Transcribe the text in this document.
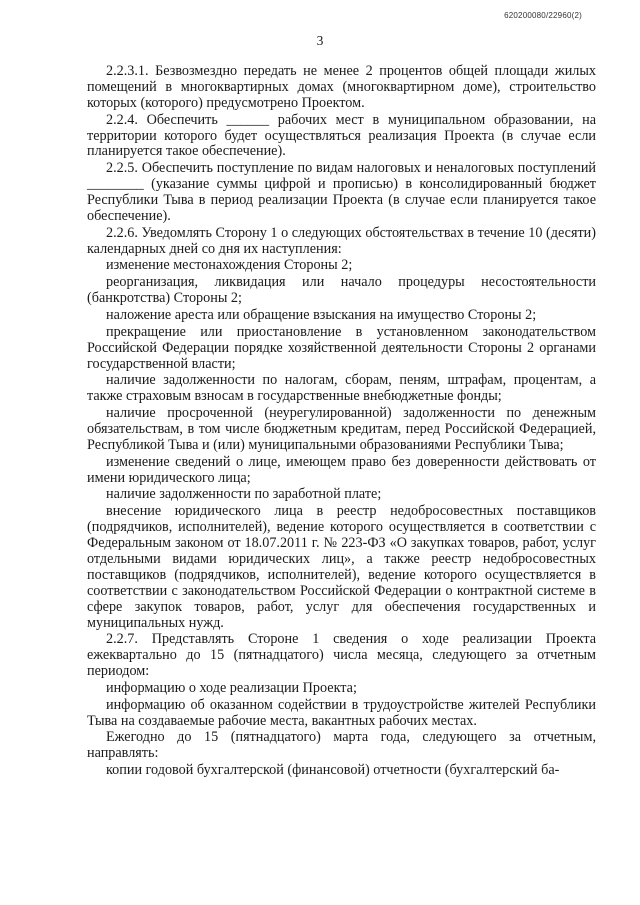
620200080/22960(2)
3

2.2.3.1. Безвозмездно передать не менее 2 процентов общей площади жилых помещений в многоквартирных домах (многоквартирном доме), строительство которых (которого) предусмотрено Проектом.

2.2.4. Обеспечить ______ рабочих мест в муниципальном образовании, на территории которого будет осуществляться реализация Проекта (в случае если планируется такое обеспечение).

2.2.5. Обеспечить поступление по видам налоговых и неналоговых поступлений ________ (указание суммы цифрой и прописью) в консолидированный бюджет Республики Тыва в период реализации Проекта (в случае если планируется такое обеспечение).

2.2.6. Уведомлять Сторону 1 о следующих обстоятельствах в течение 10 (десяти) календарных дней со дня их наступления:

изменение местонахождения Стороны 2;

реорганизация, ликвидация или начало процедуры несостоятельности (банкротства) Стороны 2;

наложение ареста или обращение взыскания на имущество Стороны 2;

прекращение или приостановление в установленном законодательством Российской Федерации порядке хозяйственной деятельности Стороны 2 органами государственной власти;

наличие задолженности по налогам, сборам, пеням, штрафам, процентам, а также страховым взносам в государственные внебюджетные фонды;

наличие просроченной (неурегулированной) задолженности по денежным обязательствам, в том числе бюджетным кредитам, перед Российской Федерацией, Республикой Тыва и (или) муниципальными образованиями Республики Тыва;

изменение сведений о лице, имеющем право без доверенности действовать от имени юридического лица;

наличие задолженности по заработной плате;

внесение юридического лица в реестр недобросовестных поставщиков (подрядчиков, исполнителей), ведение которого осуществляется в соответствии с Федеральным законом от 18.07.2011 г. № 223-ФЗ «О закупках товаров, работ, услуг отдельными видами юридических лиц», а также реестр недобросовестных поставщиков (подрядчиков, исполнителей), ведение которого осуществляется в соответствии с законодательством Российской Федерации о контрактной системе в сфере закупок товаров, работ, услуг для обеспечения государственных и муниципальных нужд.

2.2.7. Представлять Стороне 1 сведения о ходе реализации Проекта ежеквартально до 15 (пятнадцатого) числа месяца, следующего за отчетным периодом:

информацию о ходе реализации Проекта;

информацию об оказанном содействии в трудоустройстве жителей Республики Тыва на создаваемые рабочие места, вакантных рабочих местах.

Ежегодно до 15 (пятнадцатого) марта года, следующего за отчетным, направлять:

копии годовой бухгалтерской (финансовой) отчетности (бухгалтерский ба-
